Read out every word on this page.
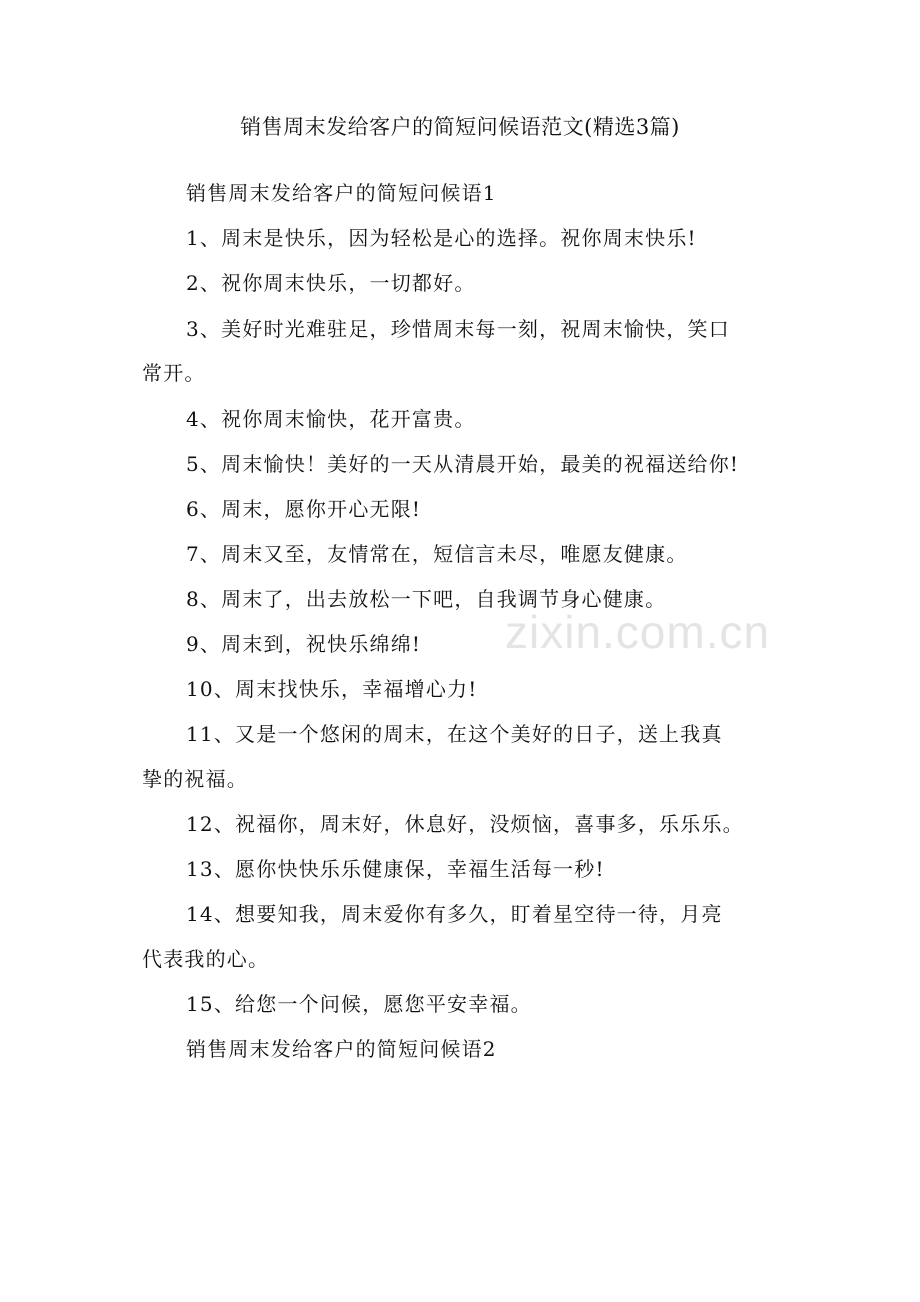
销售周末发给客户的简短问候语范文(精选3篇)
销售周末发给客户的简短问候语1
1、周末是快乐，因为轻松是心的选择。祝你周末快乐!
2、祝你周末快乐，一切都好。
3、美好时光难驻足，珍惜周末每一刻，祝周末愉快，笑口
常开。
4、祝你周末愉快，花开富贵。
5、周末愉快！美好的一天从清晨开始，最美的祝福送给你!
6、周末，愿你开心无限!
7、周末又至，友情常在，短信言未尽，唯愿友健康。
8、周末了，出去放松一下吧，自我调节身心健康。
9、周末到，祝快乐绵绵!
10、周末找快乐，幸福增心力!
11、又是一个悠闲的周末，在这个美好的日子，送上我真
挚的祝福。
12、祝福你，周末好，休息好，没烦恼，喜事多，乐乐乐。
13、愿你快快乐乐健康保，幸福生活每一秒!
14、想要知我，周末爱你有多久，盯着星空待一待，月亮
代表我的心。
15、给您一个问候，愿您平安幸福。
销售周末发给客户的简短问候语2
zixin.com.cn
